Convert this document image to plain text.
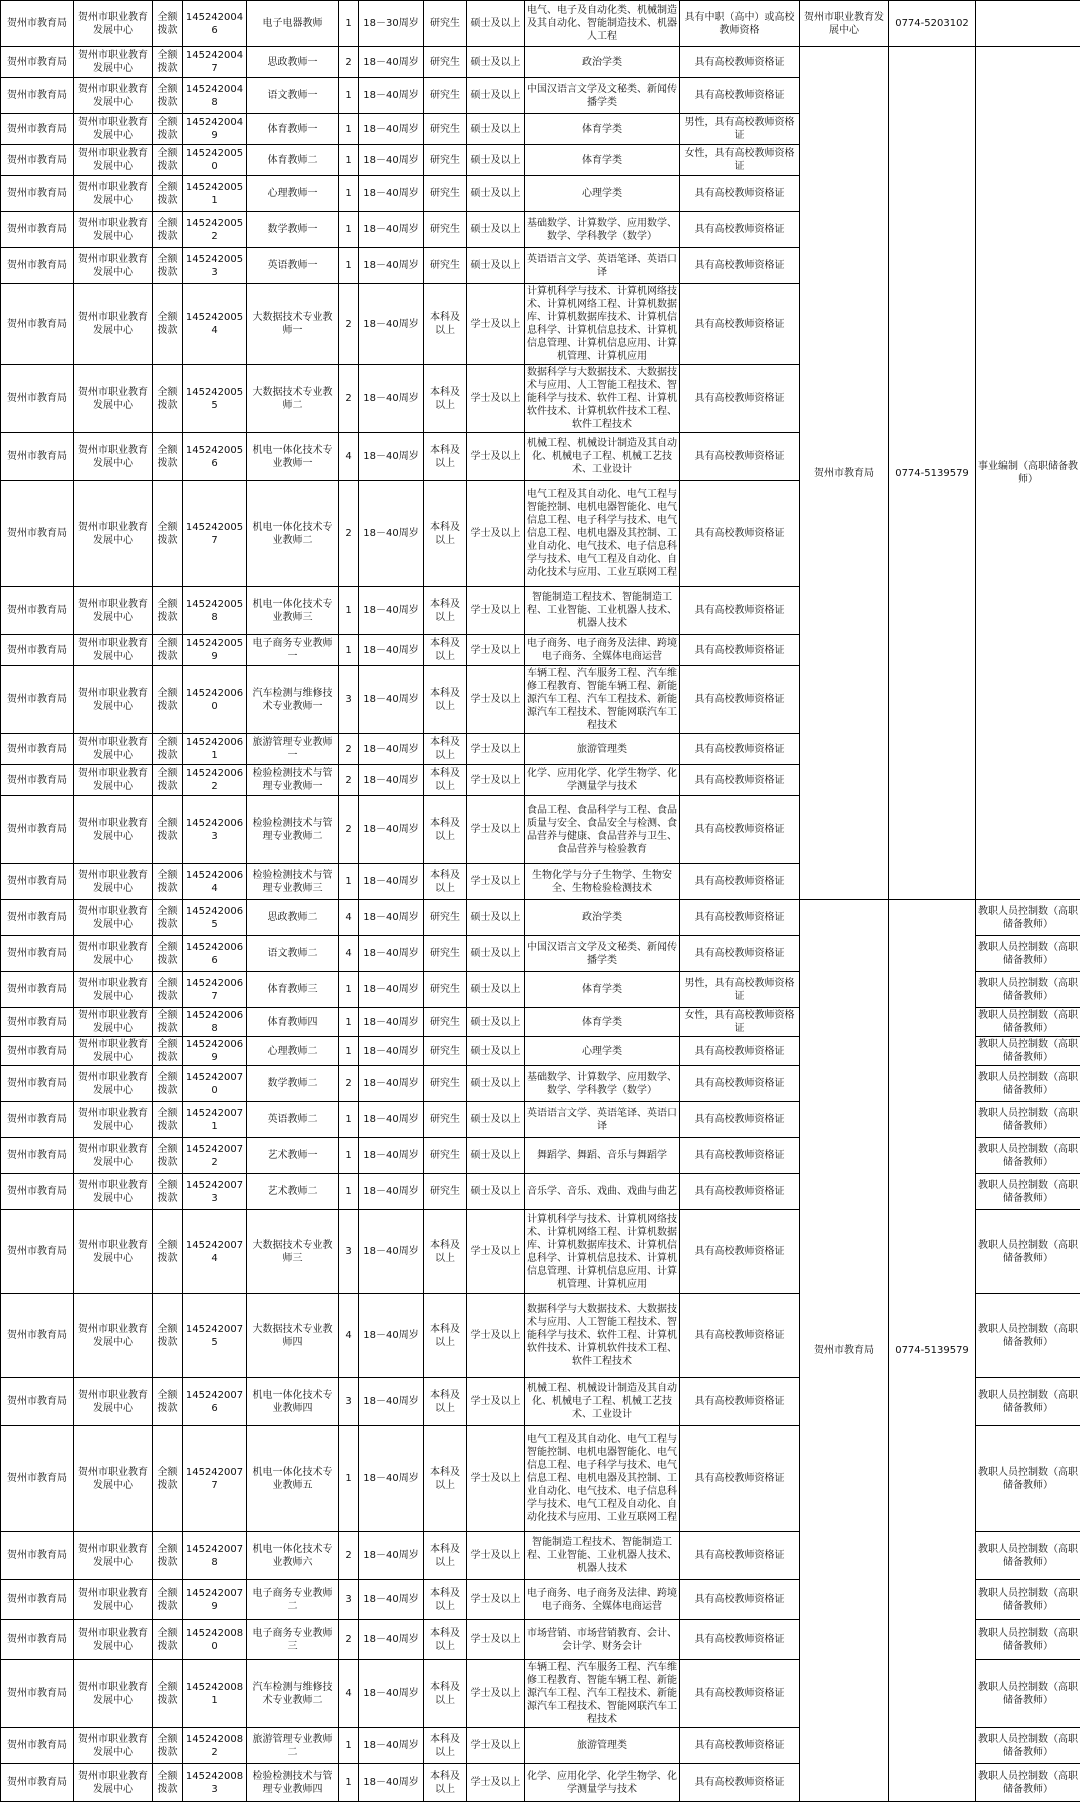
贺州市教育局	贺州市职业教育发展中心	全额拨款	1452420046	电子电器教师	1	18－30周岁	研究生	硕士及以上	电气、电子及自动化类、机械制造及其自动化、智能制造技术、机器人工程	具有中职（高中）或高校教师资格	贺州市职业教育发展中心	0774-5203102	
贺州市教育局	贺州市职业教育发展中心	全额拨款	1452420047	思政教师一	2	18－40周岁	研究生	硕士及以上	政治学类	具有高校教师资格证	贺州市教育局	0774-5139579	事业编制（高职储备教师）
贺州市教育局	贺州市职业教育发展中心	全额拨款	1452420048	语文教师一	1	18－40周岁	研究生	硕士及以上	中国汉语言文学及文秘类、新闻传播学类	具有高校教师资格证			
贺州市教育局	贺州市职业教育发展中心	全额拨款	1452420049	体育教师一	1	18－40周岁	研究生	硕士及以上	体育学类	男性，具有高校教师资格证			
贺州市教育局	贺州市职业教育发展中心	全额拨款	1452420050	体育教师二	1	18－40周岁	研究生	硕士及以上	体育学类	女性，具有高校教师资格证			
贺州市教育局	贺州市职业教育发展中心	全额拨款	1452420051	心理教师一	1	18－40周岁	研究生	硕士及以上	心理学类	具有高校教师资格证			
贺州市教育局	贺州市职业教育发展中心	全额拨款	1452420052	数学教师一	1	18－40周岁	研究生	硕士及以上	基础数学、计算数学、应用数学、数学、学科教学（数学）	具有高校教师资格证			
贺州市教育局	贺州市职业教育发展中心	全额拨款	1452420053	英语教师一	1	18－40周岁	研究生	硕士及以上	英语语言文学、英语笔译、英语口译	具有高校教师资格证			
贺州市教育局	贺州市职业教育发展中心	全额拨款	1452420054	大数据技术专业教师一	2	18－40周岁	本科及以上	学士及以上	计算机科学与技术、计算机网络技术、计算机网络工程、计算机数据库、计算机数据库技术、计算机信息科学、计算机信息技术、计算机信息管理、计算机信息应用、计算机管理、计算机应用	具有高校教师资格证			
贺州市教育局	贺州市职业教育发展中心	全额拨款	1452420055	大数据技术专业教师二	2	18－40周岁	本科及以上	学士及以上	数据科学与大数据技术、大数据技术与应用、人工智能工程技术、智能科学与技术、软件工程、计算机软件技术、计算机软件技术工程、软件工程技术	具有高校教师资格证			
贺州市教育局	贺州市职业教育发展中心	全额拨款	1452420056	机电一体化技术专业教师一	4	18－40周岁	本科及以上	学士及以上	机械工程、机械设计制造及其自动化、机械电子工程、机械工艺技术、工业设计	具有高校教师资格证			
贺州市教育局	贺州市职业教育发展中心	全额拨款	1452420057	机电一体化技术专业教师二	2	18－40周岁	本科及以上	学士及以上	电气工程及其自动化、电气工程与智能控制、电机电器智能化、电气信息工程、电子科学与技术、电气信息工程、电机电器及其控制、工业自动化、电气技术、电子信息科学与技术、电气工程及自动化、自动化技术与应用、工业互联网工程	具有高校教师资格证			
贺州市教育局	贺州市职业教育发展中心	全额拨款	1452420058	机电一体化技术专业教师三	1	18－40周岁	本科及以上	学士及以上	智能制造工程技术、智能制造工程、工业智能、工业机器人技术、机器人技术	具有高校教师资格证			
贺州市教育局	贺州市职业教育发展中心	全额拨款	1452420059	电子商务专业教师一	1	18－40周岁	本科及以上	学士及以上	电子商务、电子商务及法律、跨境电子商务、全媒体电商运营	具有高校教师资格证			
贺州市教育局	贺州市职业教育发展中心	全额拨款	1452420060	汽车检测与维修技术专业教师一	3	18－40周岁	本科及以上	学士及以上	车辆工程、汽车服务工程、汽车维修工程教育、智能车辆工程、新能源汽车工程、汽车工程技术、新能源汽车工程技术、智能网联汽车工程技术	具有高校教师资格证			
贺州市教育局	贺州市职业教育发展中心	全额拨款	1452420061	旅游管理专业教师一	2	18－40周岁	本科及以上	学士及以上	旅游管理类	具有高校教师资格证			
贺州市教育局	贺州市职业教育发展中心	全额拨款	1452420062	检验检测技术与管理专业教师一	2	18－40周岁	本科及以上	学士及以上	化学、应用化学、化学生物学、化学测量学与技术	具有高校教师资格证			
贺州市教育局	贺州市职业教育发展中心	全额拨款	1452420063	检验检测技术与管理专业教师二	2	18－40周岁	本科及以上	学士及以上	食品工程、食品科学与工程、食品质量与安全、食品安全与检测、食品营养与健康、食品营养与卫生、食品营养与检验教育	具有高校教师资格证			
贺州市教育局	贺州市职业教育发展中心	全额拨款	1452420064	检验检测技术与管理专业教师三	1	18－40周岁	本科及以上	学士及以上	生物化学与分子生物学、生物安全、生物检验检测技术	具有高校教师资格证			
贺州市教育局	贺州市职业教育发展中心	全额拨款	1452420065	思政教师二	4	18－40周岁	研究生	硕士及以上	政治学类	具有高校教师资格证	贺州市教育局	0774-5139579	教职人员控制数（高职储备教师）
贺州市教育局	贺州市职业教育发展中心	全额拨款	1452420066	语文教师二	4	18－40周岁	研究生	硕士及以上	中国汉语言文学及文秘类、新闻传播学类	具有高校教师资格证			教职人员控制数（高职储备教师）
贺州市教育局	贺州市职业教育发展中心	全额拨款	1452420067	体育教师三	1	18－40周岁	研究生	硕士及以上	体育学类	男性，具有高校教师资格证			教职人员控制数（高职储备教师）
贺州市教育局	贺州市职业教育发展中心	全额拨款	1452420068	体育教师四	1	18－40周岁	研究生	硕士及以上	体育学类	女性，具有高校教师资格证			教职人员控制数（高职储备教师）
贺州市教育局	贺州市职业教育发展中心	全额拨款	1452420069	心理教师二	1	18－40周岁	研究生	硕士及以上	心理学类	具有高校教师资格证			教职人员控制数（高职储备教师）
贺州市教育局	贺州市职业教育发展中心	全额拨款	1452420070	数学教师二	2	18－40周岁	研究生	硕士及以上	基础数学、计算数学、应用数学、数学、学科教学（数学）	具有高校教师资格证			教职人员控制数（高职储备教师）
贺州市教育局	贺州市职业教育发展中心	全额拨款	1452420071	英语教师二	1	18－40周岁	研究生	硕士及以上	英语语言文学、英语笔译、英语口译	具有高校教师资格证			教职人员控制数（高职储备教师）
贺州市教育局	贺州市职业教育发展中心	全额拨款	1452420072	艺术教师一	1	18－40周岁	研究生	硕士及以上	舞蹈学、舞蹈、音乐与舞蹈学	具有高校教师资格证			教职人员控制数（高职储备教师）
贺州市教育局	贺州市职业教育发展中心	全额拨款	1452420073	艺术教师二	1	18－40周岁	研究生	硕士及以上	音乐学、音乐、戏曲、戏曲与曲艺	具有高校教师资格证			教职人员控制数（高职储备教师）
贺州市教育局	贺州市职业教育发展中心	全额拨款	1452420074	大数据技术专业教师三	3	18－40周岁	本科及以上	学士及以上	计算机科学与技术、计算机网络技术、计算机网络工程、计算机数据库、计算机数据库技术、计算机信息科学、计算机信息技术、计算机信息管理、计算机信息应用、计算机管理、计算机应用	具有高校教师资格证			教职人员控制数（高职储备教师）
贺州市教育局	贺州市职业教育发展中心	全额拨款	1452420075	大数据技术专业教师四	4	18－40周岁	本科及以上	学士及以上	数据科学与大数据技术、大数据技术与应用、人工智能工程技术、智能科学与技术、软件工程、计算机软件技术、计算机软件技术工程、软件工程技术	具有高校教师资格证			教职人员控制数（高职储备教师）
贺州市教育局	贺州市职业教育发展中心	全额拨款	1452420076	机电一体化技术专业教师四	3	18－40周岁	本科及以上	学士及以上	机械工程、机械设计制造及其自动化、机械电子工程、机械工艺技术、工业设计	具有高校教师资格证			教职人员控制数（高职储备教师）
贺州市教育局	贺州市职业教育发展中心	全额拨款	1452420077	机电一体化技术专业教师五	1	18－40周岁	本科及以上	学士及以上	电气工程及其自动化、电气工程与智能控制、电机电器智能化、电气信息工程、电子科学与技术、电气信息工程、电机电器及其控制、工业自动化、电气技术、电子信息科学与技术、电气工程及自动化、自动化技术与应用、工业互联网工程	具有高校教师资格证			教职人员控制数（高职储备教师）
贺州市教育局	贺州市职业教育发展中心	全额拨款	1452420078	机电一体化技术专业教师六	2	18－40周岁	本科及以上	学士及以上	智能制造工程技术、智能制造工程、工业智能、工业机器人技术、机器人技术	具有高校教师资格证			教职人员控制数（高职储备教师）
贺州市教育局	贺州市职业教育发展中心	全额拨款	1452420079	电子商务专业教师二	3	18－40周岁	本科及以上	学士及以上	电子商务、电子商务及法律、跨境电子商务、全媒体电商运营	具有高校教师资格证			教职人员控制数（高职储备教师）
贺州市教育局	贺州市职业教育发展中心	全额拨款	1452420080	电子商务专业教师三	2	18－40周岁	本科及以上	学士及以上	市场营销、市场营销教育、会计、会计学、财务会计	具有高校教师资格证			教职人员控制数（高职储备教师）
贺州市教育局	贺州市职业教育发展中心	全额拨款	1452420081	汽车检测与维修技术专业教师二	4	18－40周岁	本科及以上	学士及以上	车辆工程、汽车服务工程、汽车维修工程教育、智能车辆工程、新能源汽车工程、汽车工程技术、新能源汽车工程技术、智能网联汽车工程技术	具有高校教师资格证			教职人员控制数（高职储备教师）
贺州市教育局	贺州市职业教育发展中心	全额拨款	1452420082	旅游管理专业教师二	1	18－40周岁	本科及以上	学士及以上	旅游管理类	具有高校教师资格证			教职人员控制数（高职储备教师）
贺州市教育局	贺州市职业教育发展中心	全额拨款	1452420083	检验检测技术与管理专业教师四	1	18－40周岁	本科及以上	学士及以上	化学、应用化学、化学生物学、化学测量学与技术	具有高校教师资格证			教职人员控制数（高职储备教师）
